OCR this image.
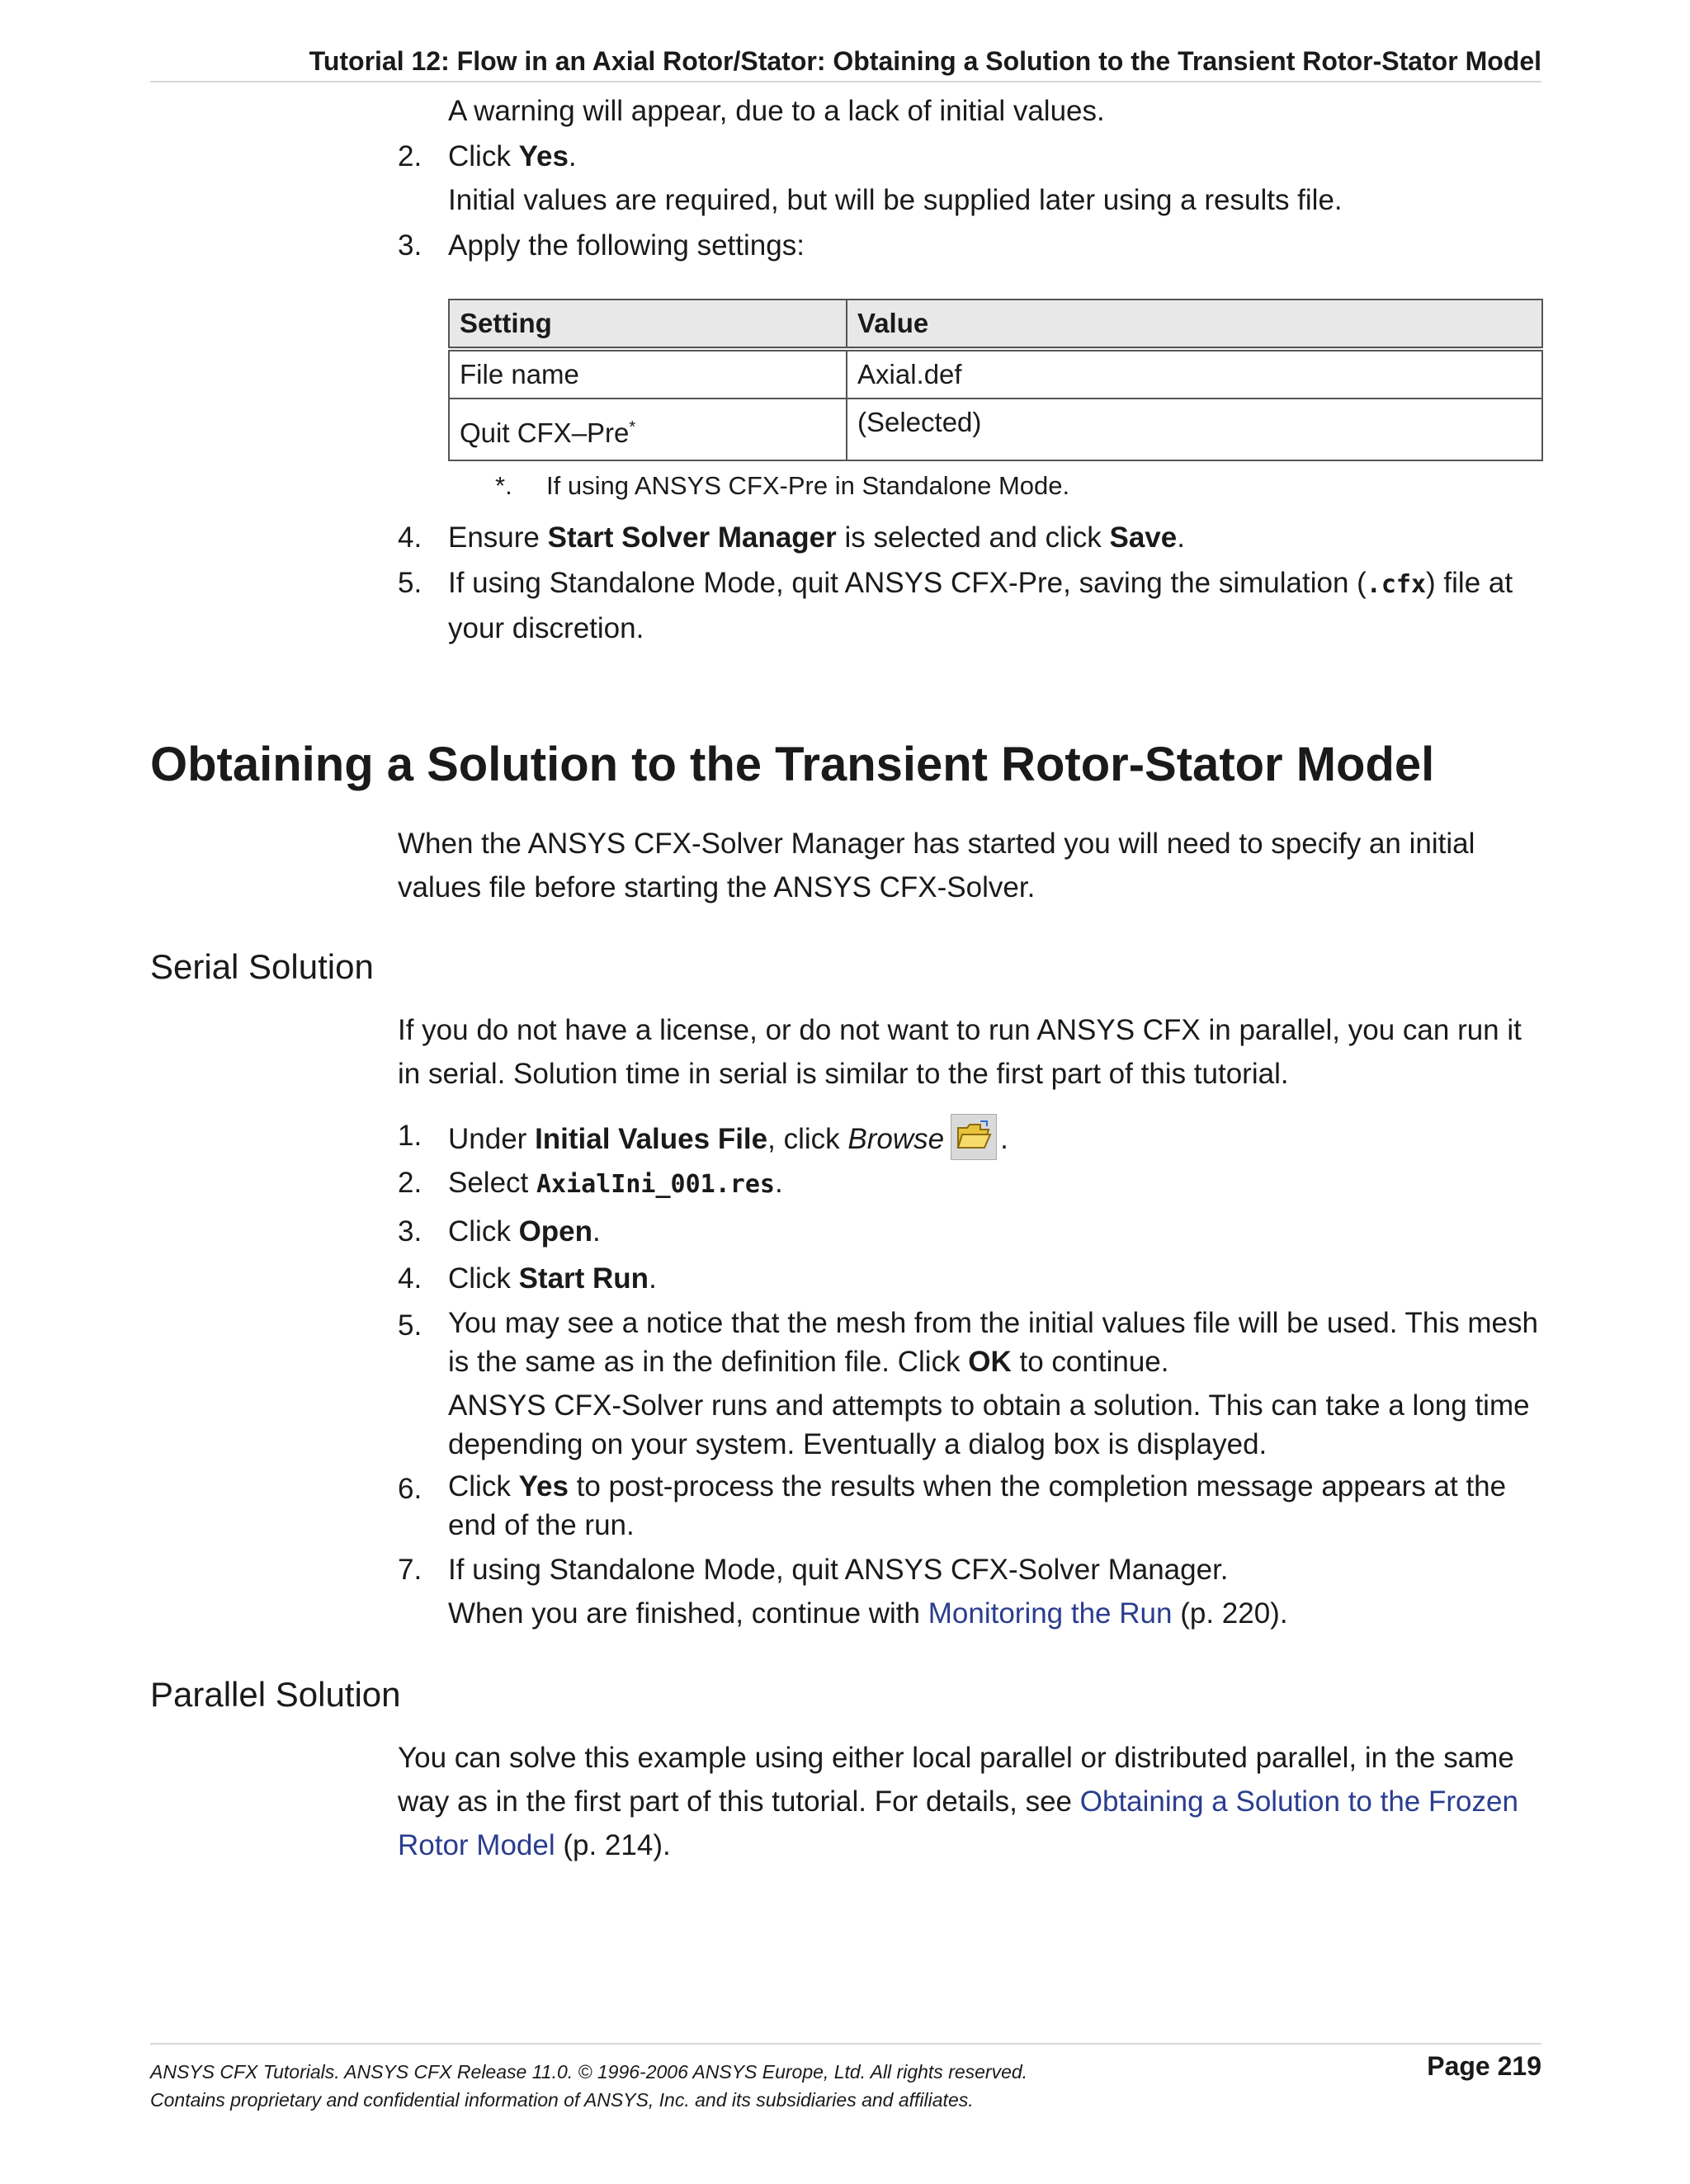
Tutorial 12: Flow in an Axial Rotor/Stator: Obtaining a Solution to the Transient Rotor-Stator Model
A warning will appear, due to a lack of initial values.
2. Click Yes.
Initial values are required, but will be supplied later using a results file.
3. Apply the following settings:
Setting	Value
File name	Axial.def
Quit CFX–Pre*	(Selected)
*.	If using ANSYS CFX-Pre in Standalone Mode.
4. Ensure Start Solver Manager is selected and click Save.
5. If using Standalone Mode, quit ANSYS CFX-Pre, saving the simulation (.cfx) file at your discretion.
Obtaining a Solution to the Transient Rotor-Stator Model
When the ANSYS CFX-Solver Manager has started you will need to specify an initial values file before starting the ANSYS CFX-Solver.
Serial Solution
If you do not have a license, or do not want to run ANSYS CFX in parallel, you can run it in serial. Solution time in serial is similar to the first part of this tutorial.
1. Under Initial Values File, click Browse .
2. Select AxialIni_001.res.
3. Click Open.
4. Click Start Run.
5. You may see a notice that the mesh from the initial values file will be used. This mesh is the same as in the definition file. Click OK to continue.
ANSYS CFX-Solver runs and attempts to obtain a solution. This can take a long time depending on your system. Eventually a dialog box is displayed.
6. Click Yes to post-process the results when the completion message appears at the end of the run.
7. If using Standalone Mode, quit ANSYS CFX-Solver Manager.
When you are finished, continue with Monitoring the Run (p. 220).
Parallel Solution
You can solve this example using either local parallel or distributed parallel, in the same way as in the first part of this tutorial. For details, see Obtaining a Solution to the Frozen Rotor Model (p. 214).
ANSYS CFX Tutorials. ANSYS CFX Release 11.0. © 1996-2006 ANSYS Europe, Ltd. All rights reserved.
Contains proprietary and confidential information of ANSYS, Inc. and its subsidiaries and affiliates.
Page 219
